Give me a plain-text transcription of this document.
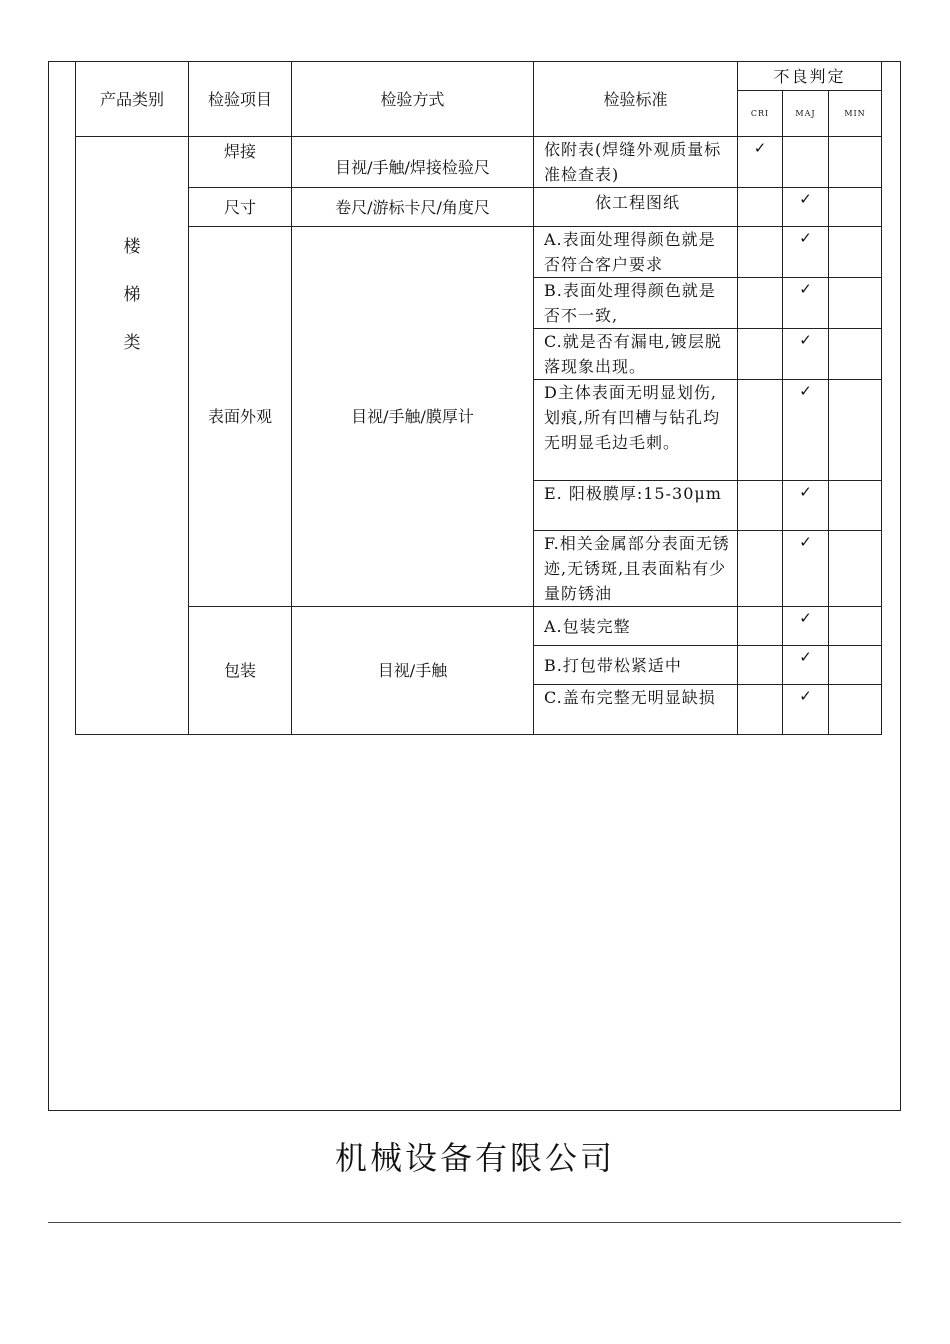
产品类别	检验项目	检验方式	检验标准	不良判定		
				CRI	MAJ	MIN

楼
梯
类	焊接	目视/手触/焊接检验尺	依附表(焊缝外观质量标准检查表)	✓		
	尺寸	卷尺/游标卡尺/角度尺	依工程图纸		✓	
	表面外观	目视/手触/膜厚计	A.表面处理得颜色就是否符合客户要求		✓	
			B.表面处理得颜色就是否不一致,		✓	
			C.就是否有漏电,镀层脱落现象出现。		✓	
			D主体表面无明显划伤,划痕,所有凹槽与钻孔均无明显毛边毛刺。		✓	
			E. 阳极膜厚:15-30μm		✓	
			F.相关金属部分表面无锈迹,无锈斑,且表面粘有少量防锈油		✓	
	包装	目视/手触	A.包装完整		✓	
			B.打包带松紧适中		✓	
			C.盖布完整无明显缺损		✓	
机械设备有限公司
